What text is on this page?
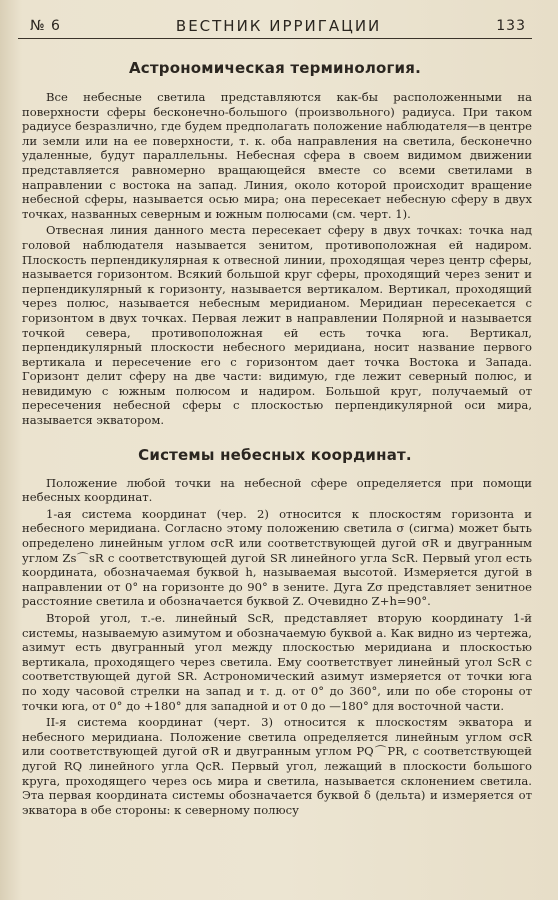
№ 6	ВЕСТНИК ИРРИГАЦИИ	133
Астрономическая терминология.

Все небесные светила представляются как-бы расположенными на поверхности сферы бесконечно-большого (произвольного) радиуса. При таком радиусе безразлично, где будем предполагать положение наблюдателя—в центре ли земли или на ее поверхности, т. к. оба направления на светила, бесконечно удаленные, будут параллельны. Небесная сфера в своем видимом движении представляется равномерно вращающейся вместе со всеми светилами в направлении с востока на запад. Линия, около которой происходит вращение небесной сферы, называется осью мира; она пересекает небесную сферу в двух точках, названных северным и южным полюсами (см. черт. 1).

Отвесная линия данного места пересекает сферу в двух точках: точка над головой наблюдателя называется зенитом, противоположная ей надиром. Плоскость перпендикулярная к отвесной линии, проходящая через центр сферы, называется горизонтом. Всякий большой круг сферы, проходящий через зенит и перпендикулярный к горизонту, называется вертикалом. Вертикал, проходящий через полюс, называется небесным меридианом. Меридиан пересекается с горизонтом в двух точках. Первая лежит в направлении Полярной и называется точкой севера, противоположная ей есть точка юга. Вертикал, перпендикулярный плоскости небесного меридиана, носит название первого вертикала и пересечение его с горизонтом дает точка Востока и Запада. Горизонт делит сферу на две части: видимую, где лежит северный полюс, и невидимую с южным полюсом и надиром. Большой круг, получаемый от пересечения небесной сферы с плоскостью перпендикулярной оси мира, называется экватором.

Системы небесных координат.

Положение любой точки на небесной сфере определяется при помощи небесных координат.

1-ая система координат (чер. 2) относится к плоскостям горизонта и небесного меридиана. Согласно этому положению светила σ (сигма) может быть определено линейным углом σcR или соответствующей дугой σR и двугранным углом Zs⌒sR с соответствующей дугой SR линейного угла ScR. Первый угол есть координата, обозначаемая буквой h, называемая высотой. Измеряется дугой в направлении от 0° на горизонте до 90° в зените. Дуга Zσ представляет зенитное расстояние светила и обозначается буквой Z. Очевидно Z+h=90°.

Второй угол, т.-е. линейный ScR, представляет вторую координату 1-й системы, называемую азимутом и обозначаемую буквой a. Как видно из чертежа, азимут есть двугранный угол между плоскостью меридиана и плоскостью вертикала, проходящего через светила. Ему соответствует линейный угол ScR с соответствующей дугой SR. Астрономический азимут измеряется от точки юга по ходу часовой стрелки на запад и т. д. от 0° до 360°, или по обе стороны от точки юга, от 0° до +180° для западной и от 0 до —180° для восточной части.

II-я система координат (черт. 3) относится к плоскостям экватора и небесного меридиана. Положение светила определяется линейным углом σcR или соответствующей дугой σR и двугранным углом PQ⌒PR, с соответствующей дугой RQ линейного угла QcR. Первый угол, лежащий в плоскости большого круга, проходящего через ось мира и светила, называется склонением светила. Эта первая координата системы обозначается буквой δ (дельта) и измеряется от экватора в обе стороны: к северному полюсу
